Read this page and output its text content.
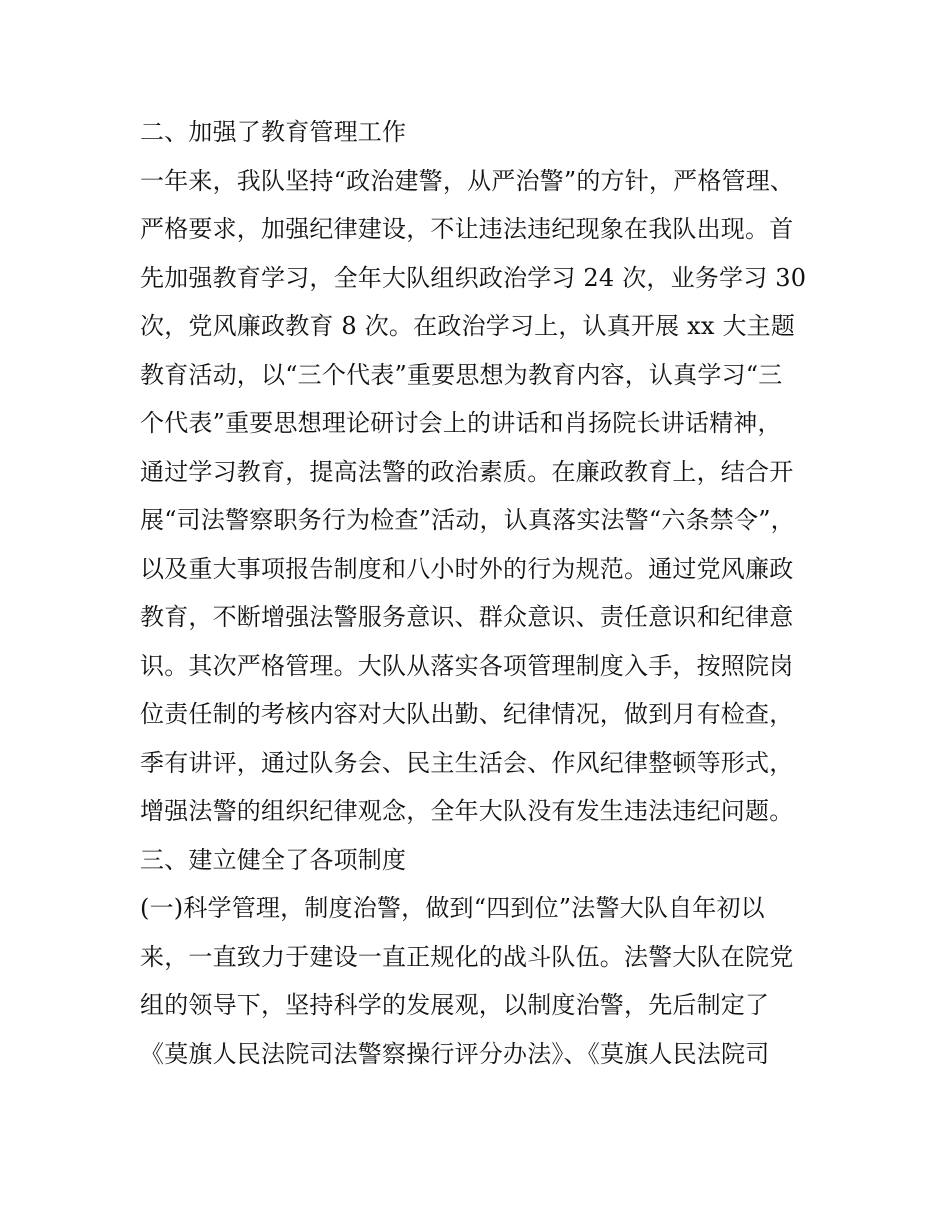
二、加强了教育管理工作
一年来，我队坚持“政治建警，从严治警”的方针，严格管理、
严格要求，加强纪律建设，不让违法违纪现象在我队出现。首
先加强教育学习，全年大队组织政治学习 24 次，业务学习 30
次，党风廉政教育 8 次。在政治学习上，认真开展 xx 大主题
教育活动，以“三个代表”重要思想为教育内容，认真学习“三
个代表”重要思想理论研讨会上的讲话和肖扬院长讲话精神，
通过学习教育，提高法警的政治素质。在廉政教育上，结合开
展“司法警察职务行为检查”活动，认真落实法警“六条禁令”，
以及重大事项报告制度和八小时外的行为规范。通过党风廉政
教育，不断增强法警服务意识、群众意识、责任意识和纪律意
识。其次严格管理。大队从落实各项管理制度入手，按照院岗
位责任制的考核内容对大队出勤、纪律情况，做到月有检查，
季有讲评，通过队务会、民主生活会、作风纪律整顿等形式，
增强法警的组织纪律观念，全年大队没有发生违法违纪问题。
三、建立健全了各项制度
(一)科学管理，制度治警，做到“四到位”法警大队自年初以
来，一直致力于建设一直正规化的战斗队伍。法警大队在院党
组的领导下，坚持科学的发展观，以制度治警，先后制定了
《莫旗人民法院司法警察操行评分办法》、《莫旗人民法院司
